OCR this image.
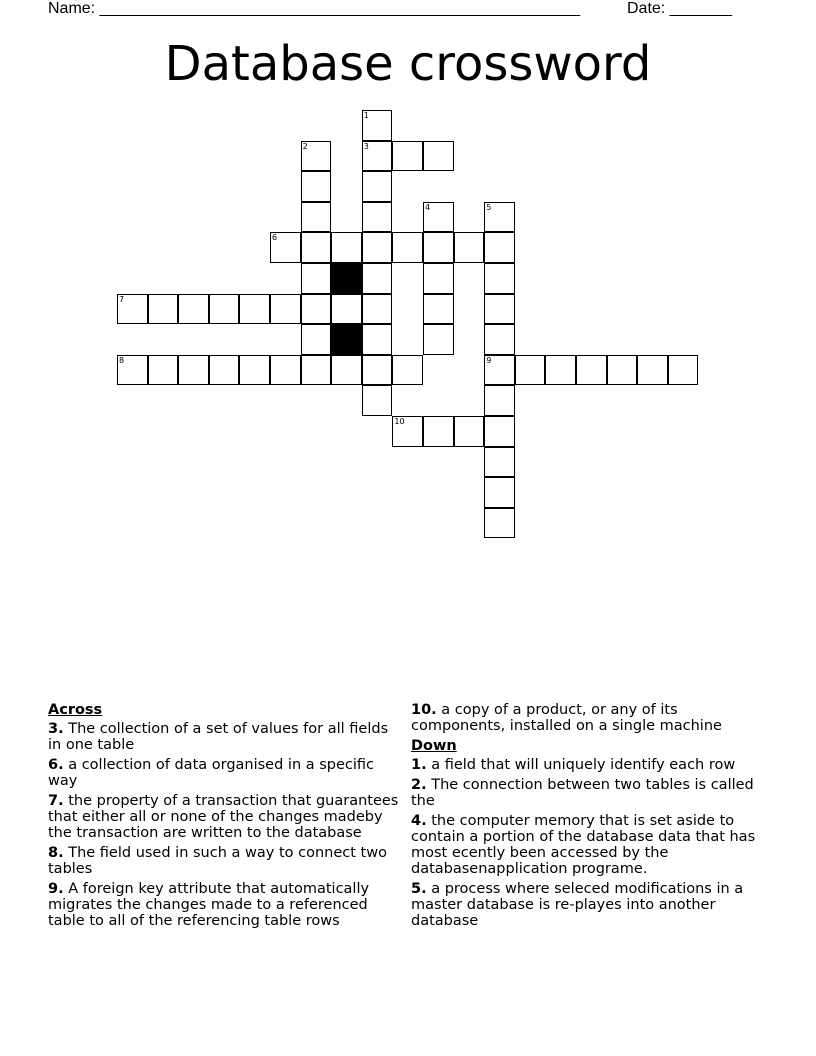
Name: ______________________________________________________	Date: _______
Database crossword
1
2	3
4	5
6
7
8	9
10
Across
3. The collection of a set of values for all fields in one table
6. a collection of data organised in a specific way
7. the property of a transaction that guarantees that either all or none of the changes madeby the transaction are written to the database
8. The field used in such a way to connect two tables
9. A foreign key attribute that automatically migrates the changes made to a referenced table to all of the referencing table rows
10. a copy of a product, or any of its components, installed on a single machine
Down
1. a field that will uniquely identify each row
2. The connection between two tables is called the
4. the computer memory that is set aside to contain a portion of the database data that has most ecently been accessed by the databasenapplication programe.
5. a process where seleced modifications in a master database is re-playes into another database
